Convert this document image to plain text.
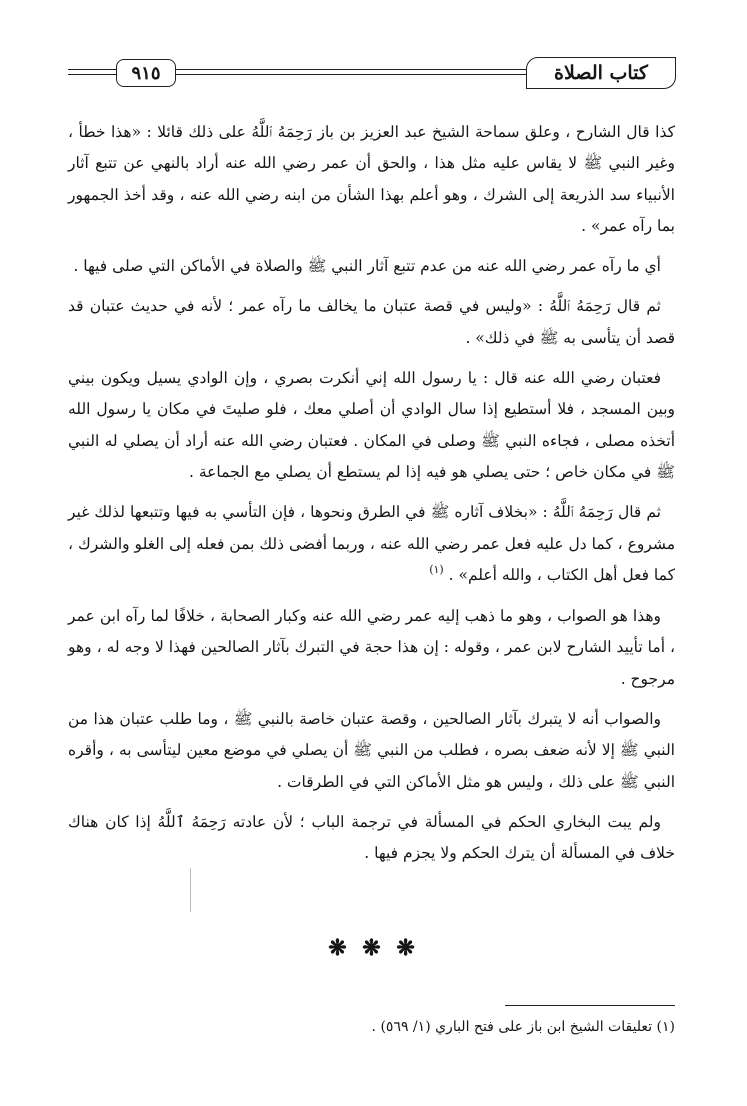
كتاب الصلاة
٩١٥

كذا قال الشارح ، وعلق سماحة الشيخ عبد العزيز بن باز رَحِمَهُ ٱللَّهُ على ذلك قائلا : «هذا خطأ ، وغير النبي ﷺ لا يقاس عليه مثل هذا ، والحق أن عمر رضي الله عنه أراد بالنهي عن تتبع آثار الأنبياء سد الذريعة إلى الشرك ، وهو أعلم بهذا الشأن من ابنه رضي الله عنه ، وقد أخذ الجمهور بما رآه عمر» .

أي ما رآه عمر رضي الله عنه من عدم تتبع آثار النبي ﷺ والصلاة في الأماكن التي صلى فيها .

ثم قال رَحِمَهُ ٱللَّهُ : «وليس في قصة عتبان ما يخالف ما رآه عمر ؛ لأنه في حديث عتبان قد قصد أن يتأسى به ﷺ في ذلك» .

فعتبان رضي الله عنه قال : يا رسول الله إني أنكرت بصري ، وإن الوادي يسيل ويكون بيني وبين المسجد ، فلا أستطيع إذا سال الوادي أن أصلي معك ، فلو صليتَ في مكان يا رسول الله أتخذه مصلى ، فجاءه النبي ﷺ وصلى في المكان . فعتبان رضي الله عنه أراد أن يصلي له النبي ﷺ في مكان خاص ؛ حتى يصلي هو فيه إذا لم يستطع أن يصلي مع الجماعة .

ثم قال رَحِمَهُ ٱللَّهُ : «بخلاف آثاره ﷺ في الطرق ونحوها ، فإن التأسي به فيها وتتبعها لذلك غير مشروع ، كما دل عليه فعل عمر رضي الله عنه ، وربما أفضى ذلك بمن فعله إلى الغلو والشرك ، كما فعل أهل الكتاب ، والله أعلم» . $^{(١)}$

وهذا هو الصواب ، وهو ما ذهب إليه عمر رضي الله عنه وكبار الصحابة ، خلافًا لما رآه ابن عمر ، أما تأييد الشارح لابن عمر ، وقوله : إن هذا حجة في التبرك بآثار الصالحين فهذا لا وجه له ، وهو مرجوح .

والصواب أنه لا يتبرك بآثار الصالحين ، وقصة عتبان خاصة بالنبي ﷺ ، وما طلب عتبان هذا من النبي ﷺ إلا لأنه ضعف بصره ، فطلب من النبي ﷺ أن يصلي في موضع معين ليتأسى به ، وأقره النبي ﷺ على ذلك ، وليس هو مثل الأماكن التي في الطرقات .

ولم يبت البخاري الحكم في المسألة في ترجمة الباب ؛ لأن عادته رَحِمَهُ ٱللَّهُ إذا كان هناك خلاف في المسألة أن يترك الحكم ولا يجزم فيها .

❋ ❋ ❋
(١) تعليقات الشيخ ابن باز على فتح الباري (١/ ٥٦٩) .
